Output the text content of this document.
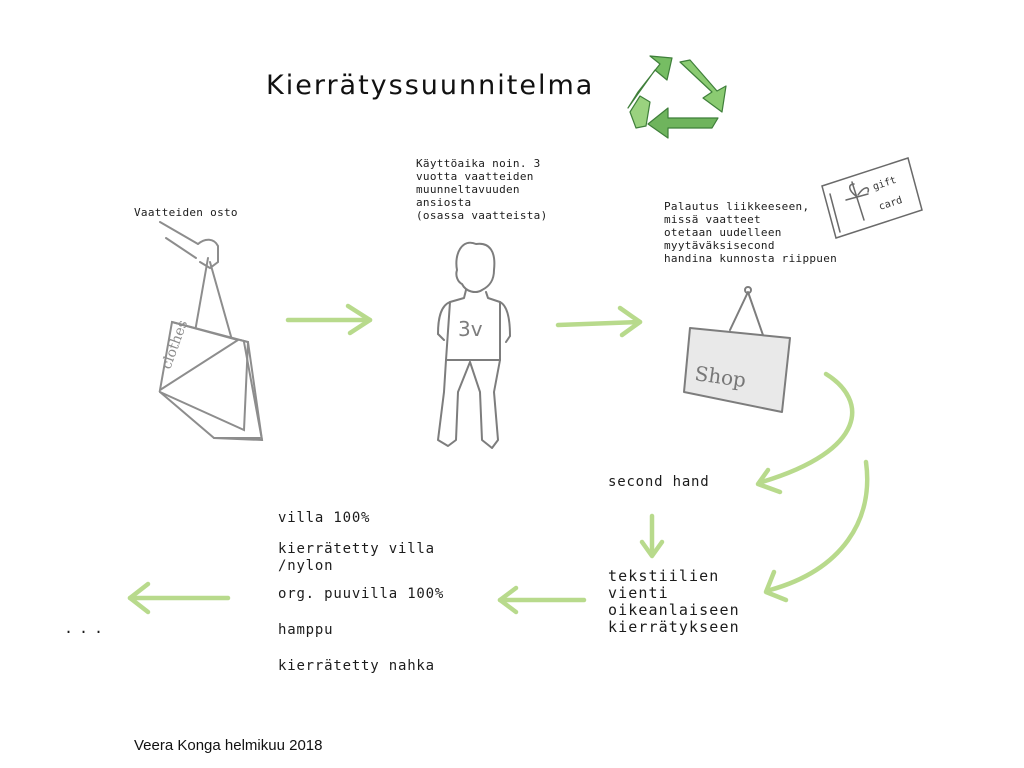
Kierrätyssuunnitelma
clothes	3v
Shop
gift
card

Vaatteiden osto

Käyttöaika noin. 3
vuotta vaatteiden
muunneltavuuden
ansiosta
(osassa vaatteista)

Palautus liikkeeseen,
missä vaatteet
otetaan uudelleen
myytäväksisecond
handina kunnosta riippuen

second hand

tekstiilien
vienti
oikeanlaiseen
kierrätykseen

villa 100%

kierrätetty villa
/nylon

org. puuvilla 100%

hamppu

kierrätetty nahka

...

Veera Konga helmikuu 2018
